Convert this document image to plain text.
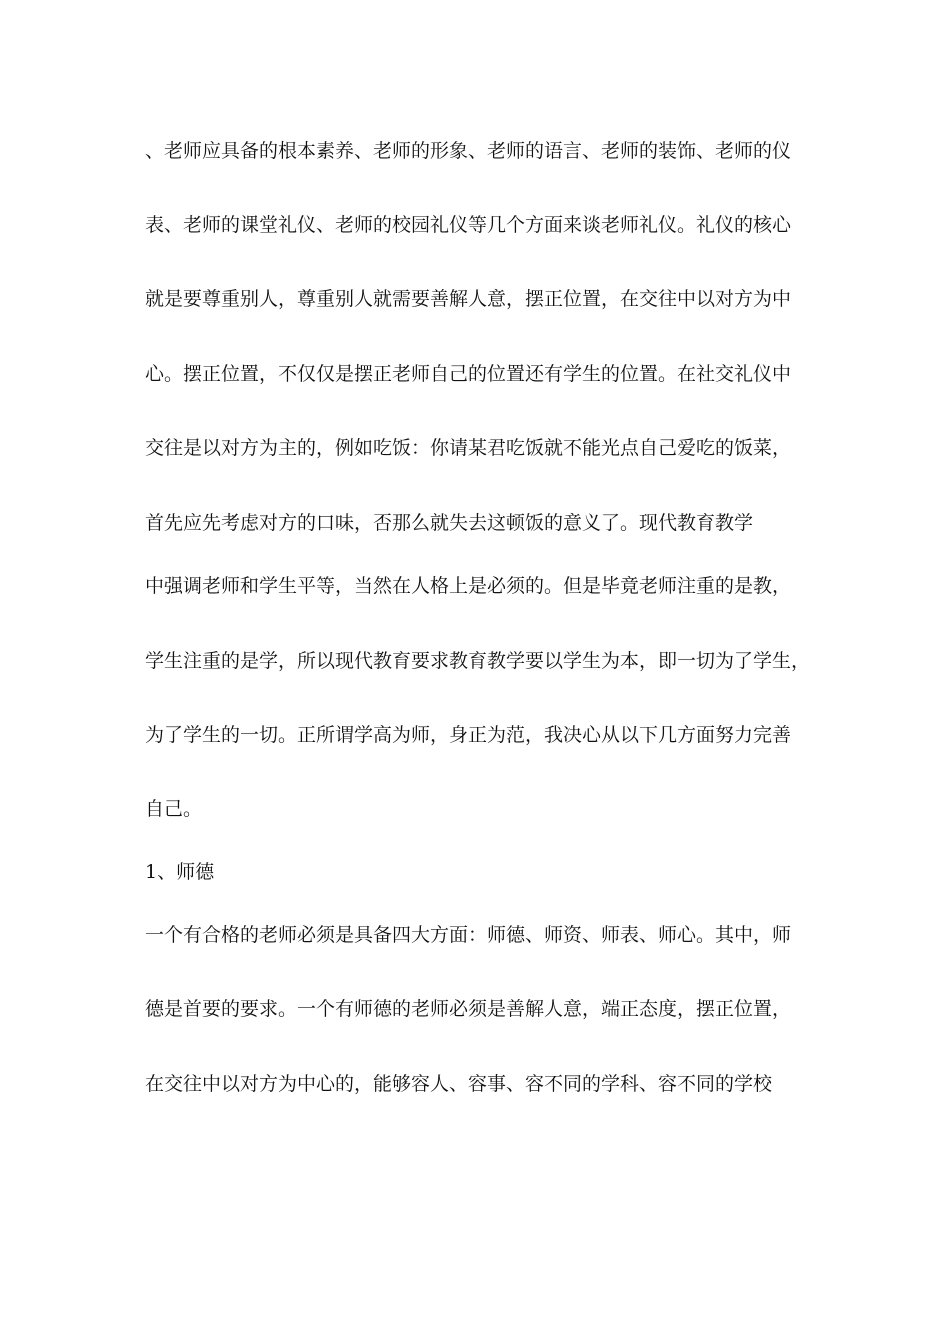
、老师应具备的根本素养、老师的形象、老师的语言、老师的装饰、老师的仪
表、老师的课堂礼仪、老师的校园礼仪等几个方面来谈老师礼仪。礼仪的核心
就是要尊重别人，尊重别人就需要善解人意，摆正位置，在交往中以对方为中
心。摆正位置，不仅仅是摆正老师自己的位置还有学生的位置。在社交礼仪中
交往是以对方为主的，例如吃饭：你请某君吃饭就不能光点自己爱吃的饭菜，
首先应先考虑对方的口味，否那么就失去这顿饭的意义了。现代教育教学
中强调老师和学生平等，当然在人格上是必须的。但是毕竟老师注重的是教，
学生注重的是学，所以现代教育要求教育教学要以学生为本，即一切为了学生，
为了学生的一切。正所谓学高为师，身正为范，我决心从以下几方面努力完善
自己。
1、师德
一个有合格的老师必须是具备四大方面：师德、师资、师表、师心。其中，师
德是首要的要求。一个有师德的老师必须是善解人意，端正态度，摆正位置，
在交往中以对方为中心的，能够容人、容事、容不同的学科、容不同的学校
